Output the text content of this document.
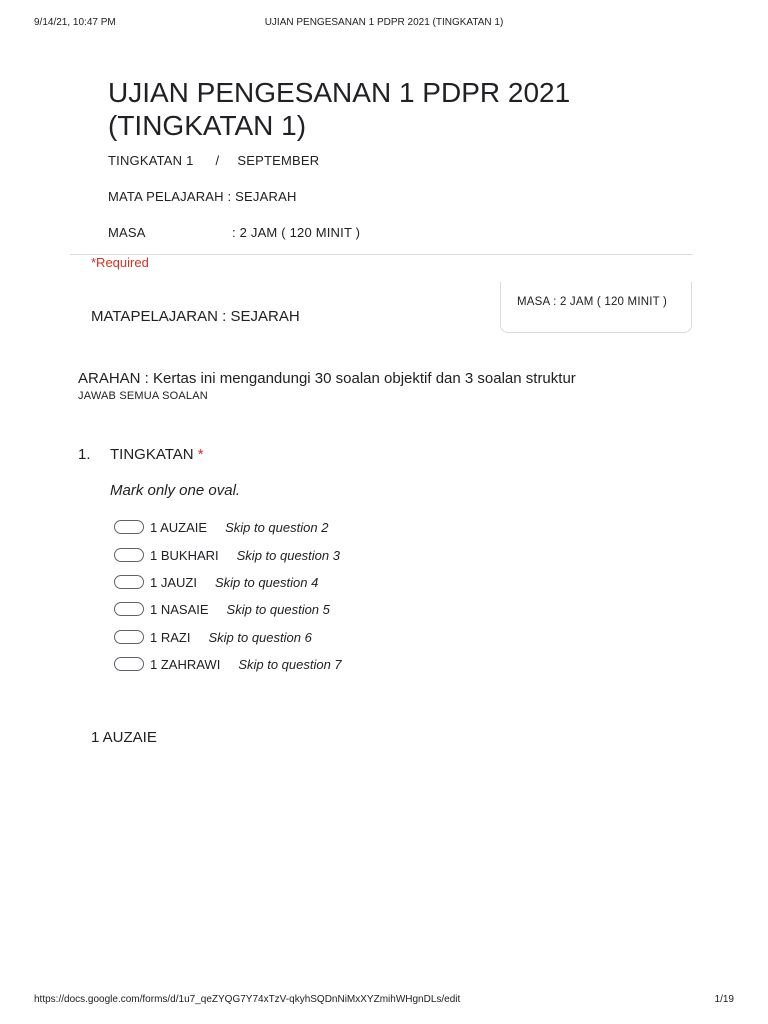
9/14/21, 10:47 PM	UJIAN PENGESANAN 1 PDPR 2021 (TINGKATAN 1)
UJIAN PENGESANAN 1 PDPR 2021 (TINGKATAN 1)
TINGKATAN 1 / SEPTEMBER
MATA PELAJARAH : SEJARAH
MASA	: 2 JAM ( 120 MINIT )
*Required
MASA : 2 JAM ( 120 MINIT )
MATAPELAJARAN : SEJARAH
ARAHAN : Kertas ini mengandungi 30 soalan objektif dan 3 soalan struktur
JAWAB SEMUA SOALAN
1. TINGKATAN *
Mark only one oval.
1 AUZAIE Skip to question 2
1 BUKHARI Skip to question 3
1 JAUZI Skip to question 4
1 NASAIE Skip to question 5
1 RAZI Skip to question 6
1 ZAHRAWI Skip to question 7
1 AUZAIE
https://docs.google.com/forms/d/1u7_qeZYQG7Y74xTzV-qkyhSQDnNiMxXYZmihWHgnDLs/edit	1/19
